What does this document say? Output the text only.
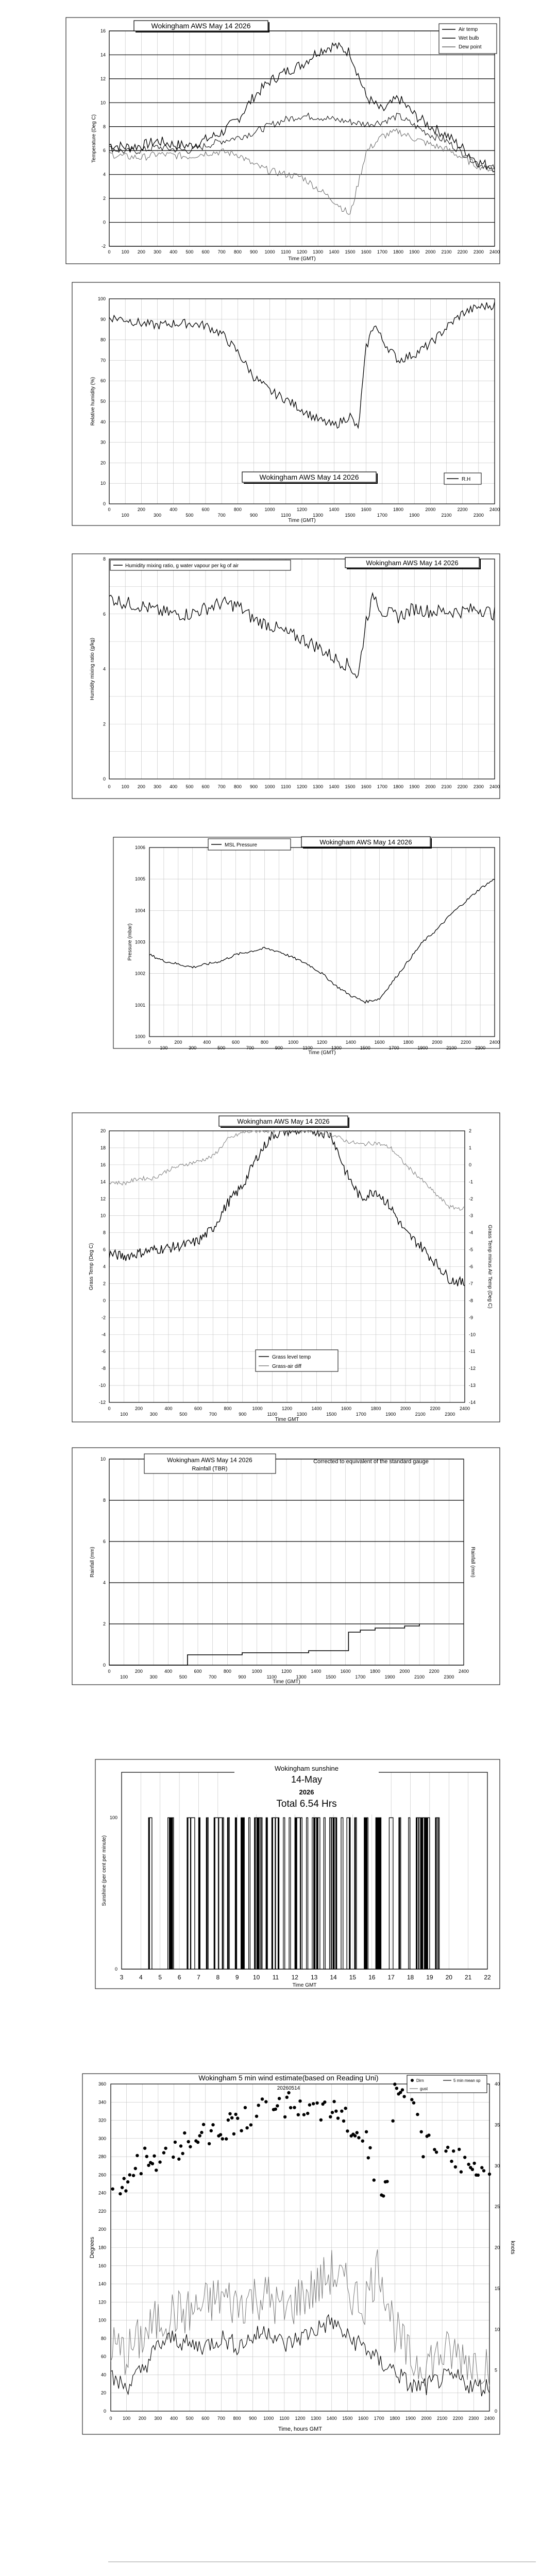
-2
0
2
4
6
8
10
12
14
16
0 100 200 300 400 500 600 700 800 900 1000 1100 1200 1300 1400 1500 1600 1700 1800 1900 2000 2100 2200 2300 2400
Time (GMT)
Temperature (Deg C)
Wokingham AWS May 14 2026	Air temp
Wet bulb
Dew point
0
10
20
30
40
50
60
70
80
90
100
0	200	400	600	800	1000	1200	1400	1600	1800	2000	2200	2400
100	300	500	700	900	1100	1300	1500	1700	1900	2100	2300
Time (GMT)
Relative humidity (%)
Wokingham AWS May 14 2026	R.H
0
2
4
6
8
0 100 200 300 400 500 600 700 800 900 1000 1100 1200 1300 1400 1500 1600 1700 1800 1900 2000 2100 2200 2300 2400
Humidity mixing ratio (g/kg)
Humidity mixing ratio, g water vapour per kg of air	Wokingham AWS May 14 2026
1000
1001
1002
1003
1004
1005
1006
0	200	400	600	800	1000	1200	1400	1600	1800	2000	2200	2400
100	300	500	700	900	1100	1300	1500	1700	1900	2100	2300
Time (GMT)
Pressure (mbar)
MSL Pressure	Wokingham AWS May 14 2026
-12
-10
-8
-6
-4
-2
0
2
4
6
8
10
12
14
16
18
20
-14
-13
-12
-11
-10
-9
-8
-7
-6
-5
-4
-3
-2
-1
0
1
2
0	200	400	600	800	1000	1200	1400	1600	1800	2000	2200	2400
100	300	500	700	900	1100	1300	1500	1700	1900	2100	2300
Time GMT
Grass Temp (Deg C)	Grass Temp minus Air Temp (Deg C)
Wokingham AWS May 14 2026
Grass level temp
Grass-air diff
0
2
4
6
8
10
0	200	400	600	800	1000	1200	1400	1600	1800	2000	2200	2400
100	300	500	700	900	1100	1300	1500	1700	1900	2100	2300
Time (GMT)
Rainfall (mm)	Rainfall (mm)
Wokingham AWS May 14 2026
Rainfall (TBR)
Corrected to equivalent of the standard gauge
0
100
3	4	5	6	7	8	9 10 11 12 13 14 15 16 17 18 19 20 21 22
Time GMT
Sunshine (per cent per minute)
Wokingham sunshine
14-May
2026
Total 6.54 Hrs
0
20
40
60
80
100
120
140
160
180
200
220
240
260
280
300
320
340
360
0
5
10
15
20
25
30
35
40
0 100 200 300 400 500 600 700 800 900 1000 1100 1200 1300 1400 1500 1600 1700 1800 1900 2000 2100 2200 2300 2400
Time, hours GMT
Degrees	knots
Wokingham 5 min wind estimate(based on Reading Uni)
20260514
Dirn	5 min mean sp
gust
